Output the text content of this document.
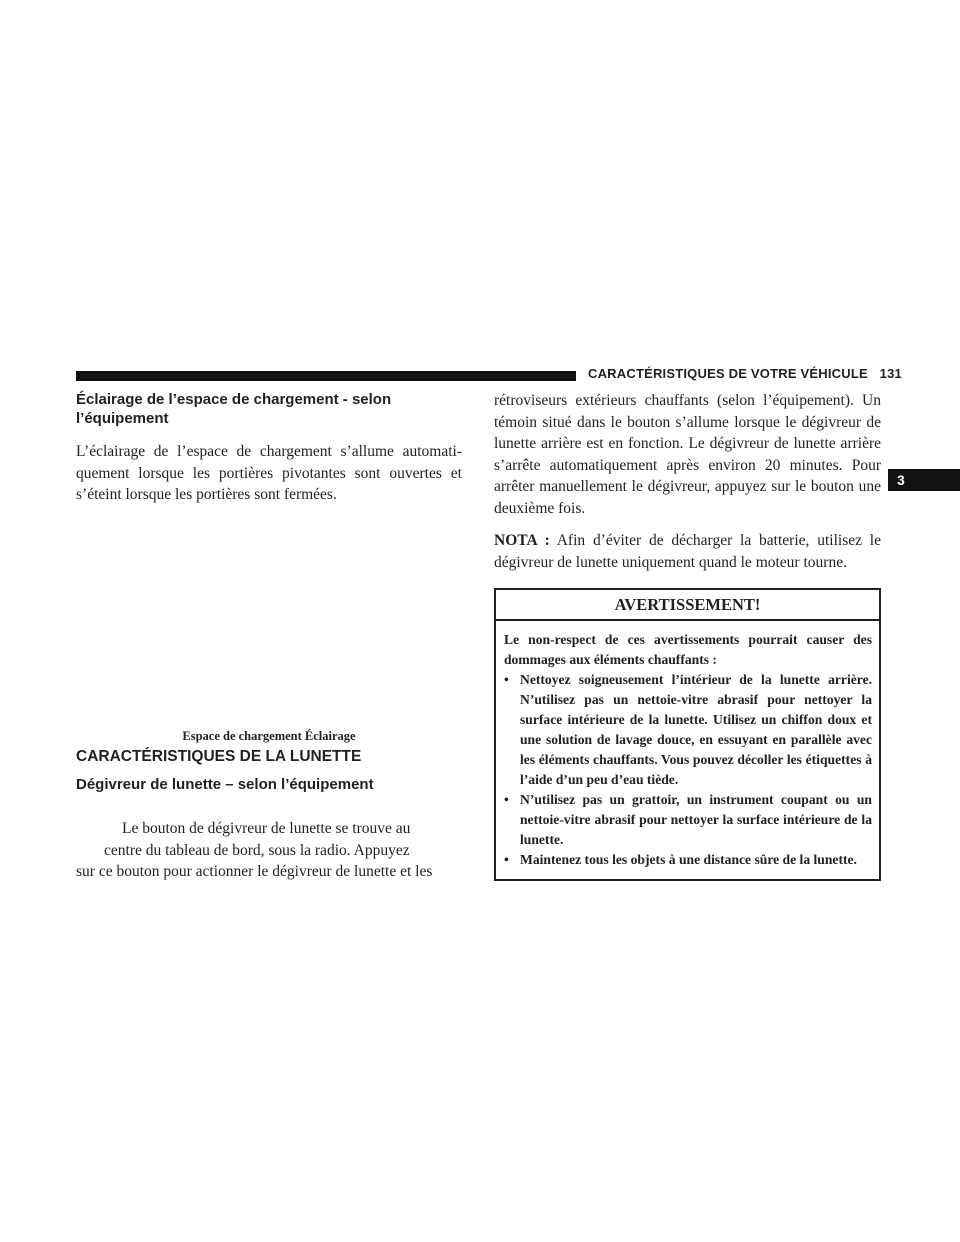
CARACTÉRISTIQUES DE VOTRE VÉHICULE 131
3
Éclairage de l’espace de chargement - selon l’équipement

L’éclairage de l’espace de chargement s’allume automatiquement lorsque les portières pivotantes sont ouvertes et s’éteint lorsque les portières sont fermées.

Espace de chargement Éclairage
CARACTÉRISTIQUES DE LA LUNETTE
Dégivreur de lunette – selon l’équipement

Le bouton de dégivreur de lunette se trouve au

centre du tableau de bord, sous la radio. Appuyez

sur ce bouton pour actionner le dégivreur de lunette et les

rétroviseurs extérieurs chauffants (selon l’équipement). Un témoin situé dans le bouton s’allume lorsque le dégivreur de lunette arrière est en fonction. Le dégivreur de lunette arrière s’arrête automatiquement après environ 20 minutes. Pour arrêter manuellement le dégivreur, appuyez sur le bouton une deuxième fois.

NOTA : Afin d’éviter de décharger la batterie, utilisez le dégivreur de lunette uniquement quand le moteur tourne.

AVERTISSEMENT!
Le non-respect de ces avertissements pourrait causer des dommages aux éléments chauffants :
• Nettoyez soigneusement l’intérieur de la lunette arrière. N’utilisez pas un nettoie-vitre abrasif pour nettoyer la surface intérieure de la lunette. Utilisez un chiffon doux et une solution de lavage douce, en essuyant en parallèle avec les éléments chauffants. Vous pouvez décoller les étiquettes à l’aide d’un peu d’eau tiède.
• N’utilisez pas un grattoir, un instrument coupant ou un nettoie-vitre abrasif pour nettoyer la surface intérieure de la lunette.
• Maintenez tous les objets à une distance sûre de la lunette.
